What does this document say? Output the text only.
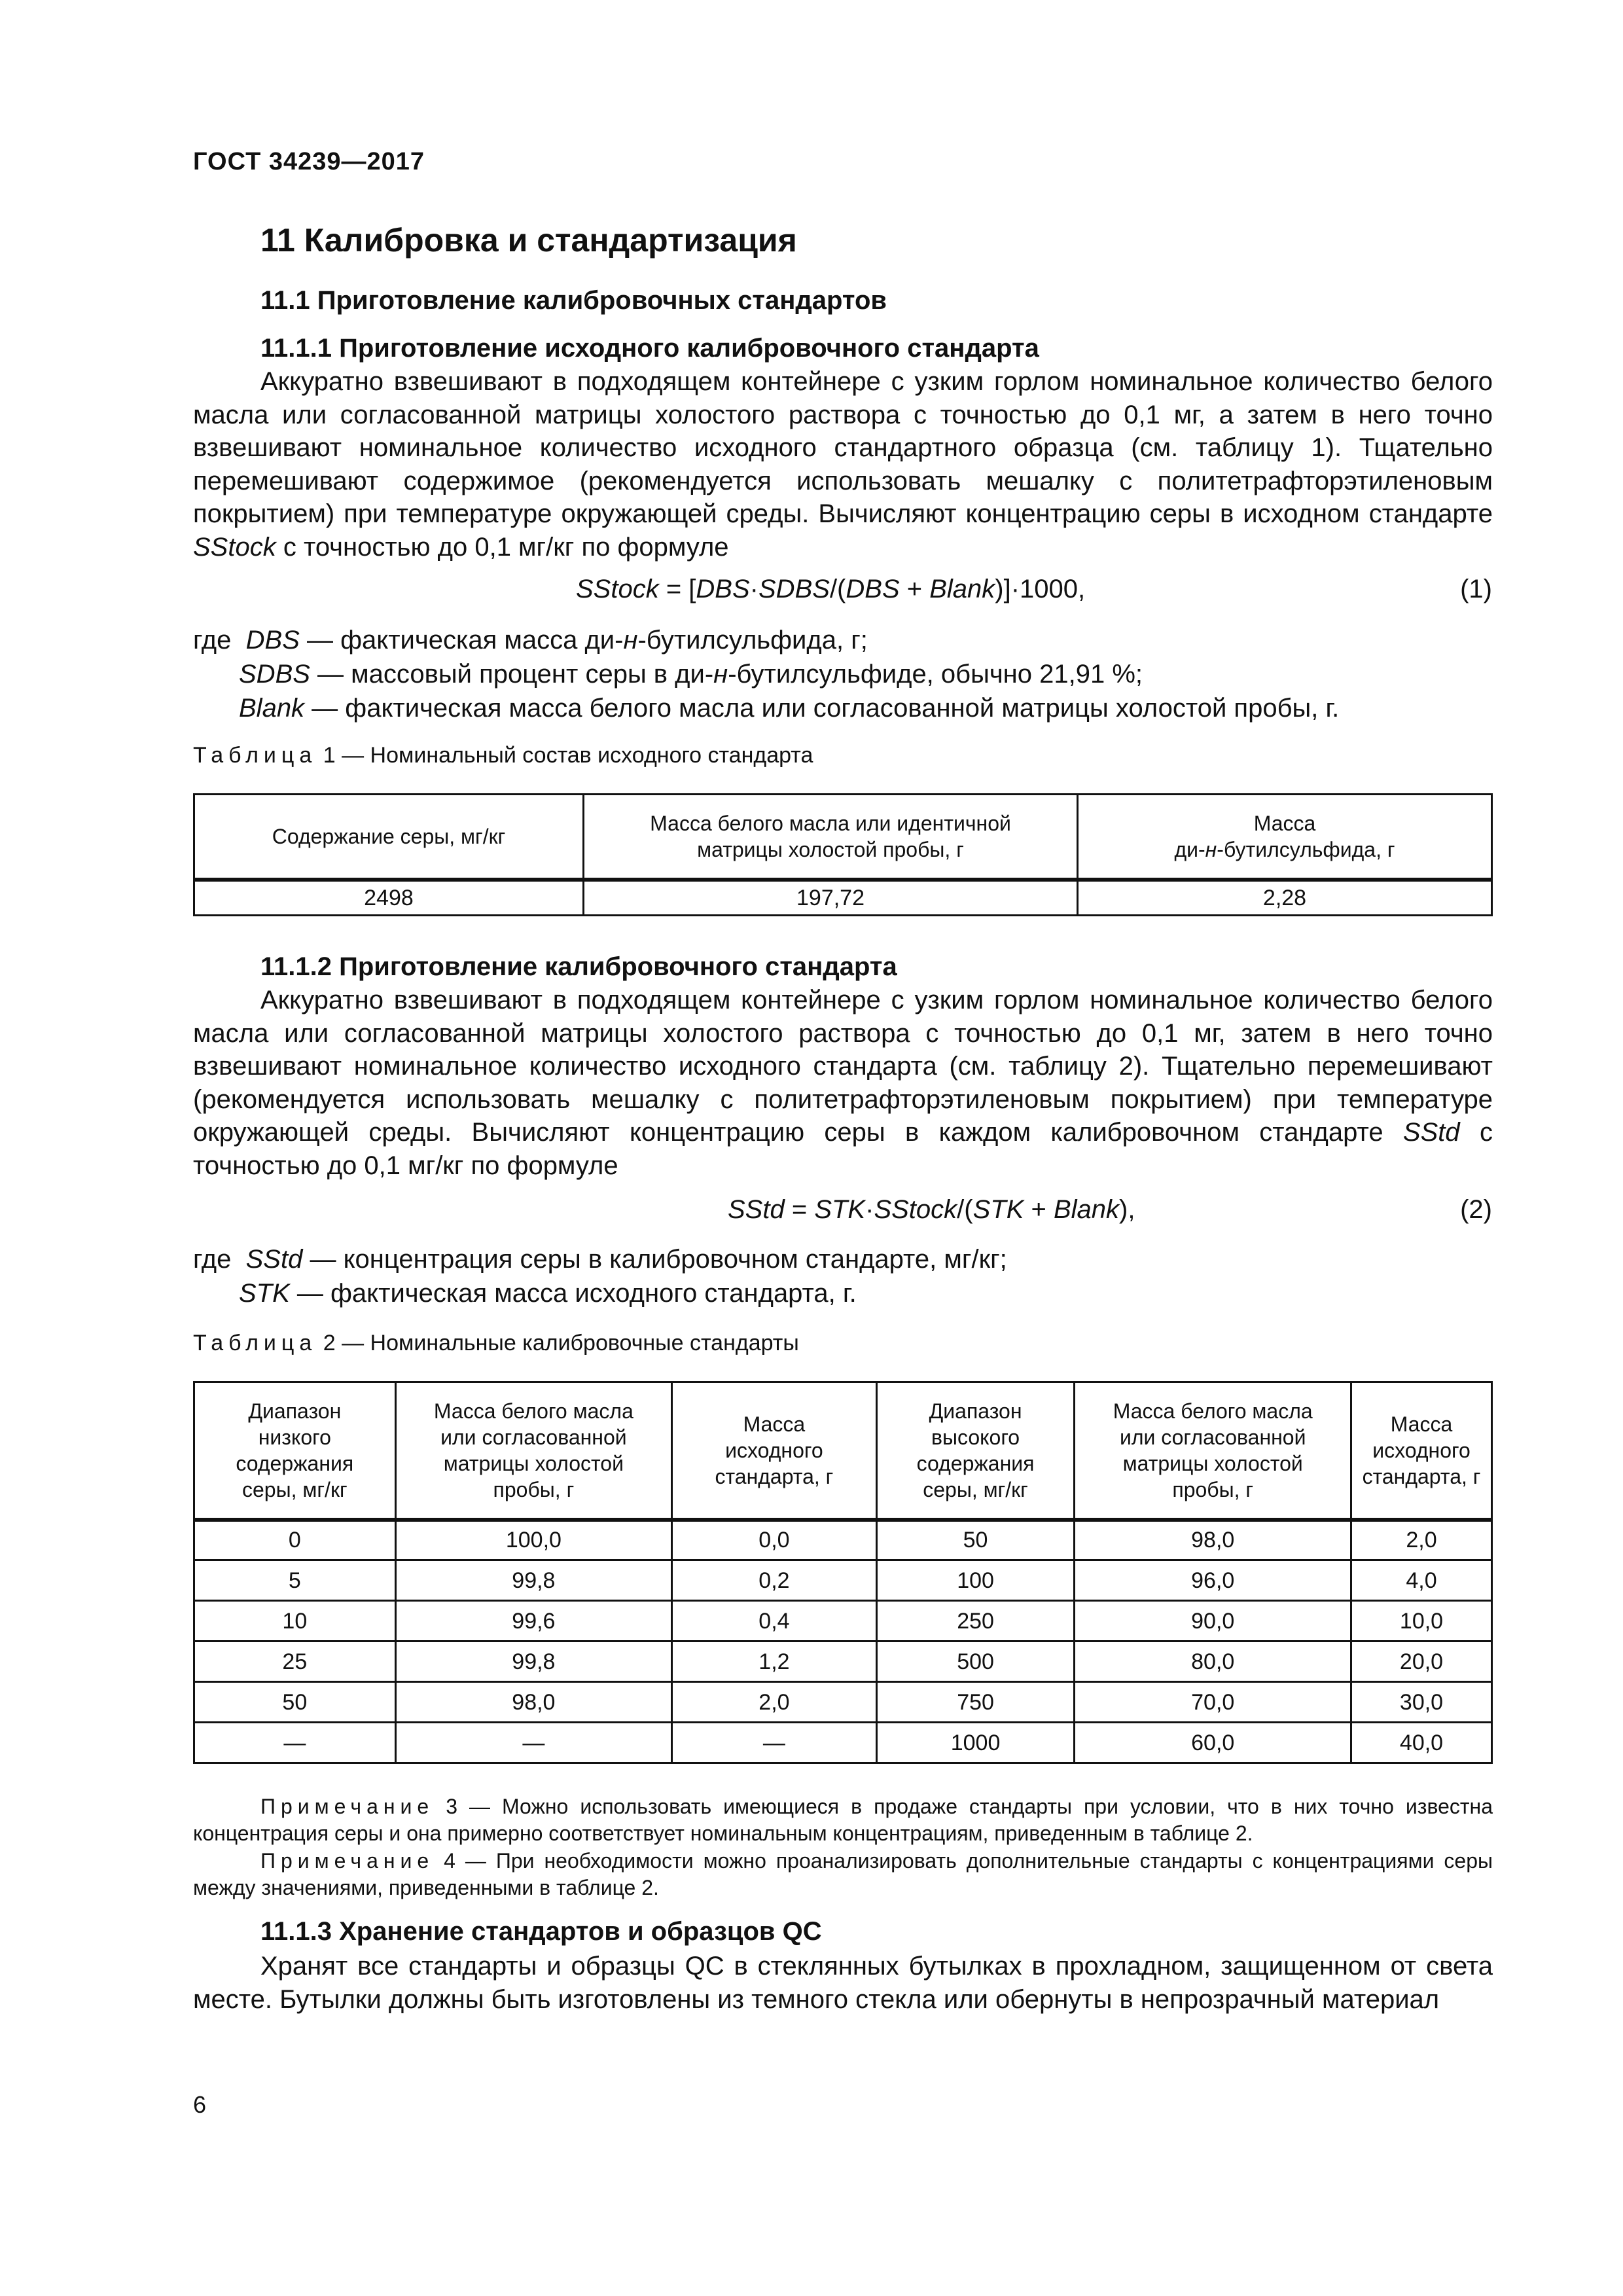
ГОСТ 34239—2017
11 Калибровка и стандартизация
11.1 Приготовление калибровочных стандартов
11.1.1 Приготовление исходного калибровочного стандарта

Аккуратно взвешивают в подходящем контейнере с узким горлом номинальное количество белого масла или согласованной матрицы холостого раствора с точностью до 0,1 мг, а затем в него точно взвешивают номинальное количество исходного стандартного образца (см. таблицу 1). Тщательно перемешивают содержимое (рекомендуется использовать мешалку с политетрафторэтиленовым покрытием) при температуре окружающей среды. Вычисляют концентрацию серы в исходном стандарте SStock с точностью до 0,1 мг/кг по формуле

SStock = [DBS·SDBS/(DBS + Blank)]·1000,	(1)
где DBS — фактическая масса ди-н-бутилсульфида, г;
SDBS — массовый процент серы в ди-н-бутилсульфиде, обычно 21,91 %;
Blank — фактическая масса белого масла или согласованной матрицы холостой пробы, г.
Таблица 1 — Номинальный состав исходного стандарта
Содержание серы, мг/кг	Масса белого масла или идентичной матрицы холостой пробы, г	Масса
ди-н-бутилсульфида, г
2498	197,72	2,28
11.1.2 Приготовление калибровочного стандарта

Аккуратно взвешивают в подходящем контейнере с узким горлом номинальное количество белого масла или согласованной матрицы холостого раствора с точностью до 0,1 мг, затем в него точно взвешивают номинальное количество исходного стандарта (см. таблицу 2). Тщательно перемешивают (рекомендуется использовать мешалку с политетрафторэтиленовым покрытием) при температуре окружающей среды. Вычисляют концентрацию серы в каждом калибровочном стандарте SStd с точностью до 0,1 мг/кг по формуле

SStd = STK·SStock/(STK + Blank),	(2)
где SStd — концентрация серы в калибровочном стандарте, мг/кг;
STK — фактическая масса исходного стандарта, г.
Таблица 2 — Номинальные калибровочные стандарты
Диапазон низкого содержания серы, мг/кг	Масса белого масла или согласованной матрицы холостой пробы, г	Масса исходного стандарта, г	Диапазон высокого содержания серы, мг/кг	Масса белого масла или согласованной матрицы холостой пробы, г	Масса исходного стандарта, г

0	100,0	0,0	50	98,0	2,0
5	99,8	0,2	100	96,0	4,0
10	99,6	0,4	250	90,0	10,0
25	99,8	1,2	500	80,0	20,0
50	98,0	2,0	750	70,0	30,0
—	—	—	1000	60,0	40,0

Примечание 3 — Можно использовать имеющиеся в продаже стандарты при условии, что в них точно известна концентрация серы и она примерно соответствует номинальным концентрациям, приведенным в таблице 2.

Примечание 4 — При необходимости можно проанализировать дополнительные стандарты с концентрациями серы между значениями, приведенными в таблице 2.

11.1.3 Хранение стандартов и образцов QC

Хранят все стандарты и образцы QC в стеклянных бутылках в прохладном, защищенном от света месте. Бутылки должны быть изготовлены из темного стекла или обернуты в непрозрачный материал

6
